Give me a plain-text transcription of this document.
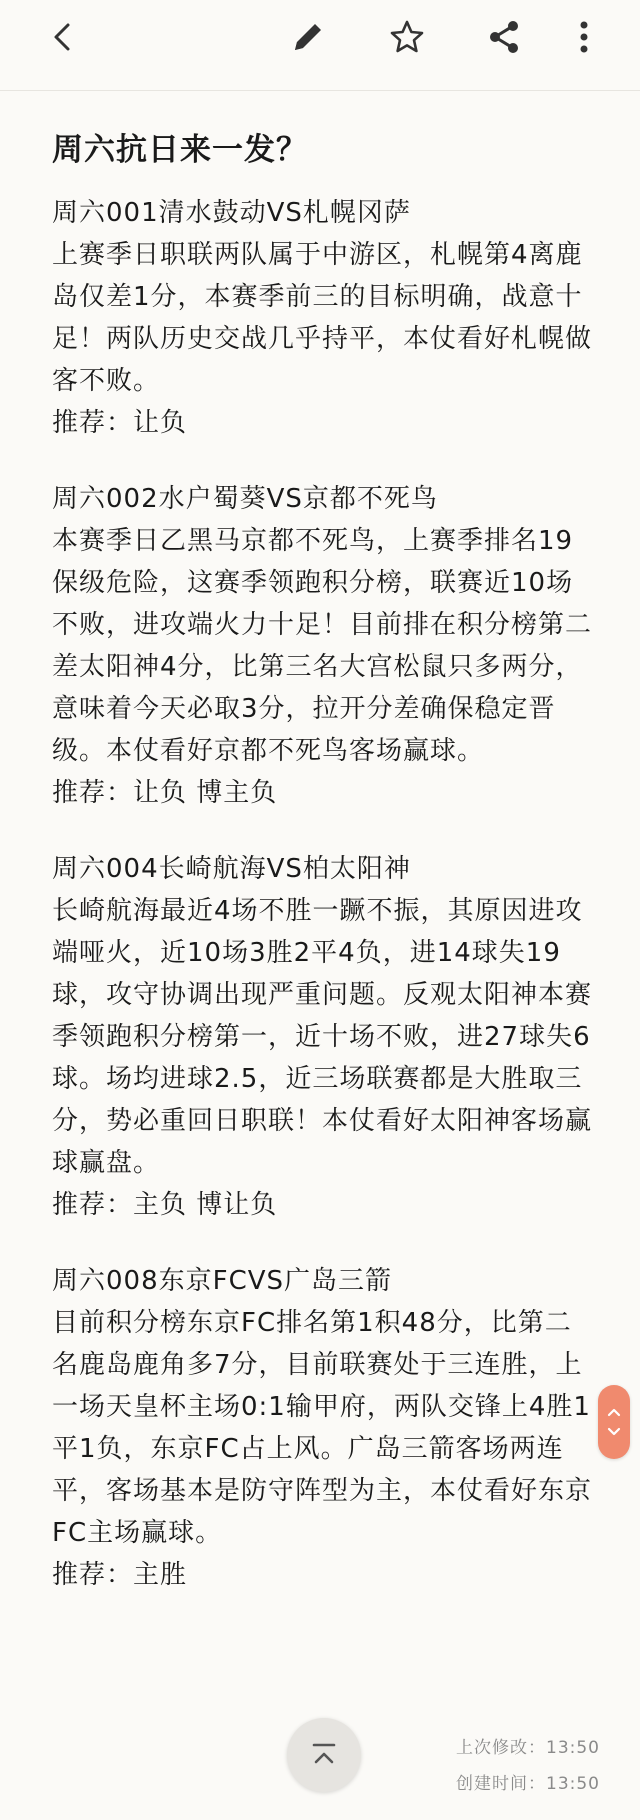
周六抗日来一发？
周六001清水鼓动VS札幌冈萨
上赛季日职联两队属于中游区，札幌第4离鹿岛仅差1分，本赛季前三的目标明确，战意十足！两队历史交战几乎持平，本仗看好札幌做客不败。
推荐：让负
周六002水户蜀葵VS京都不死鸟
本赛季日乙黑马京都不死鸟，上赛季排名19保级危险，这赛季领跑积分榜，联赛近10场不败，进攻端火力十足！目前排在积分榜第二差太阳神4分，比第三名大宫松鼠只多两分，意味着今天必取3分，拉开分差确保稳定晋级。本仗看好京都不死鸟客场赢球。
推荐：让负 博主负
周六004长崎航海VS柏太阳神
长崎航海最近4场不胜一蹶不振，其原因进攻端哑火，近10场3胜2平4负，进14球失19球，攻守协调出现严重问题。反观太阳神本赛季领跑积分榜第一，近十场不败，进27球失6球。场均进球2.5，近三场联赛都是大胜取三分，势必重回日职联！本仗看好太阳神客场赢球赢盘。
推荐：主负 博让负
周六008东京FCVS广岛三箭
目前积分榜东京FC排名第1积48分，比第二名鹿岛鹿角多7分，目前联赛处于三连胜，上一场天皇杯主场0:1输甲府，两队交锋上4胜1平1负，东京FC占上风。广岛三箭客场两连平，客场基本是防守阵型为主，本仗看好东京FC主场赢球。
推荐：主胜
上次修改：13:50
创建时间：13:50
